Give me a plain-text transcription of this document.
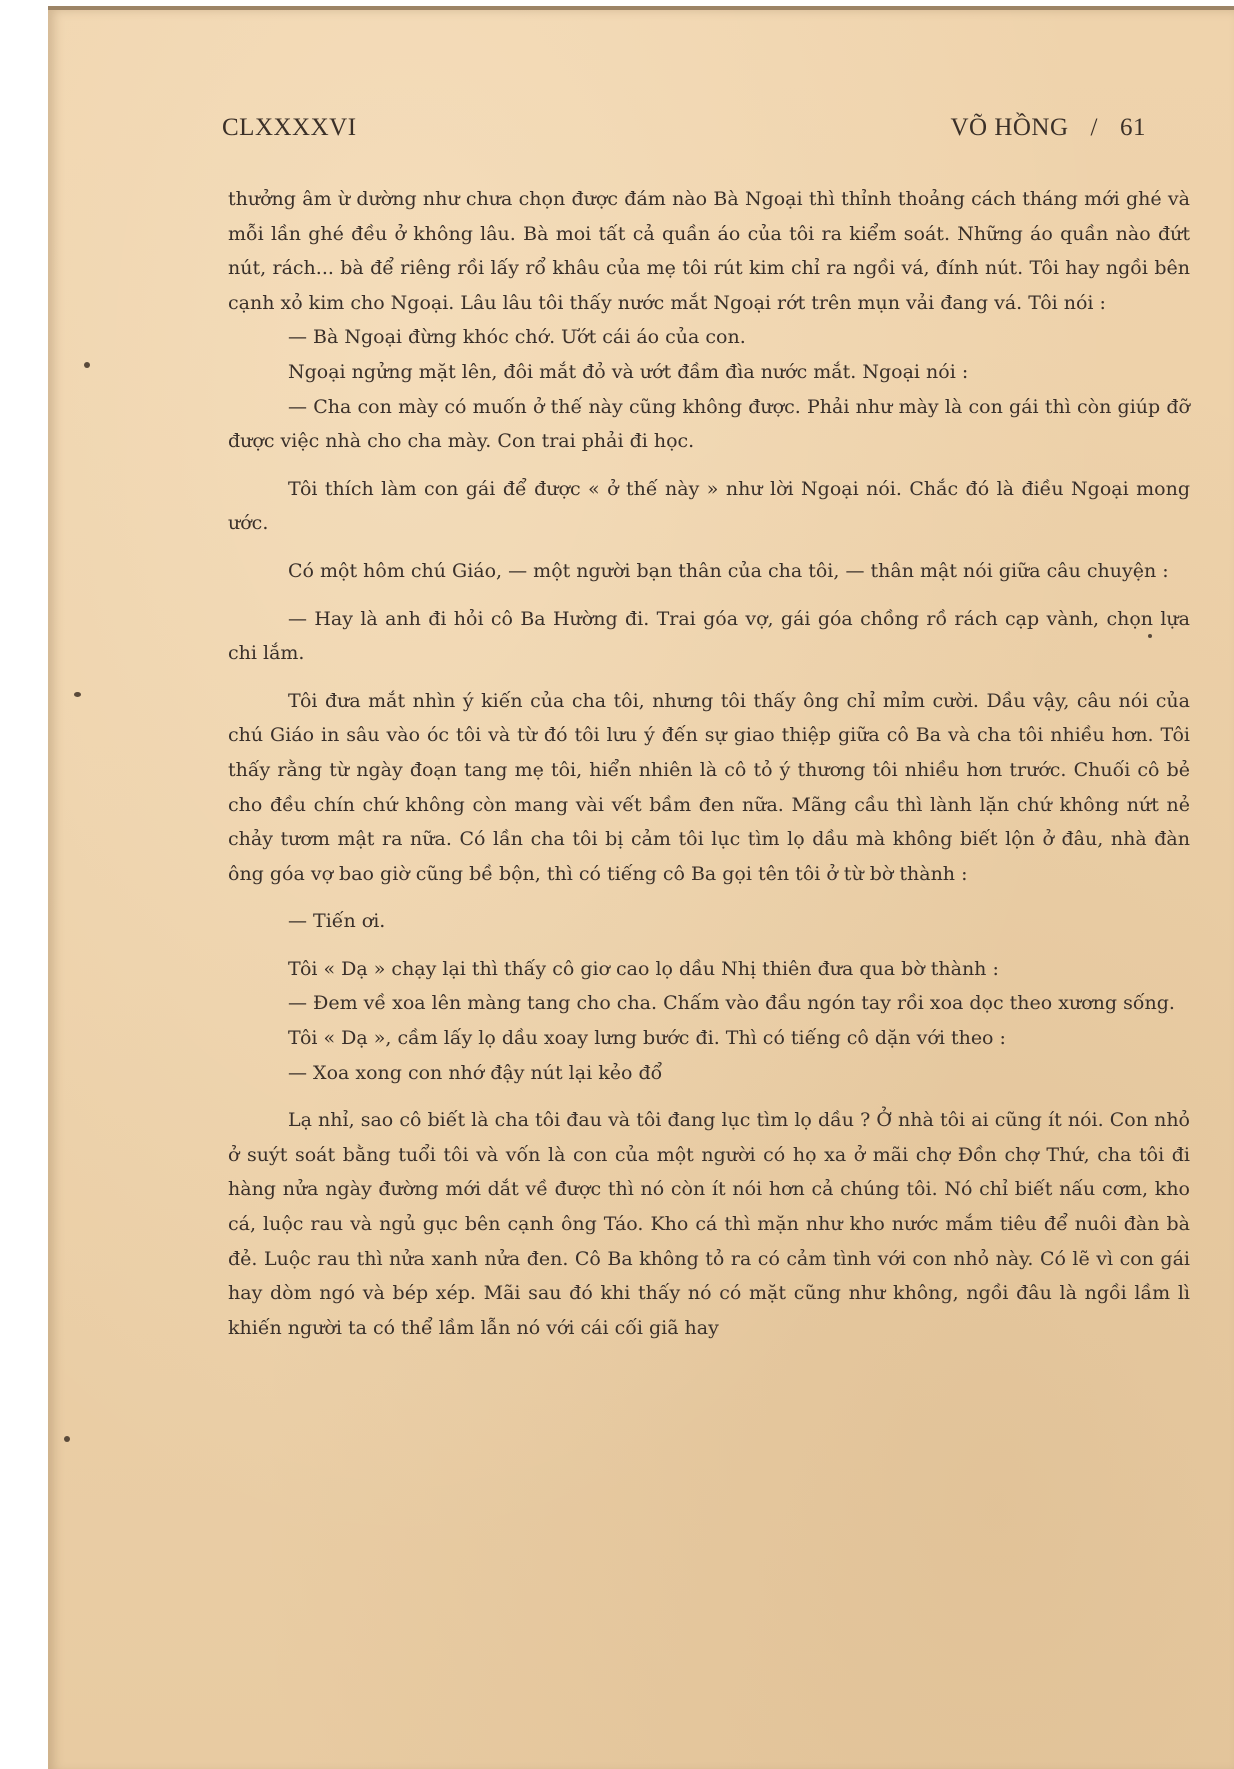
CLXXXXVI	VÕ HỒNG / 61

thưởng âm ừ dường như chưa chọn được đám nào Bà Ngoại thì thỉnh thoảng cách tháng mới ghé và mỗi lần ghé đều ở không lâu. Bà moi tất cả quần áo của tôi ra kiểm soát. Những áo quần nào đứt nút, rách... bà để riêng rồi lấy rổ khâu của mẹ tôi rút kim chỉ ra ngồi vá, đính nút. Tôi hay ngồi bên cạnh xỏ kim cho Ngoại. Lâu lâu tôi thấy nước mắt Ngoại rớt trên mụn vải đang vá. Tôi nói :

— Bà Ngoại đừng khóc chớ. Ướt cái áo của con.

Ngoại ngửng mặt lên, đôi mắt đỏ và ướt đầm đìa nước mắt. Ngoại nói :

— Cha con mày có muốn ở thế này cũng không được. Phải như mày là con gái thì còn giúp đỡ được việc nhà cho cha mày. Con trai phải đi học.

Tôi thích làm con gái để được « ở thế này » như lời Ngoại nói. Chắc đó là điều Ngoại mong ước.

Có một hôm chú Giáo, — một người bạn thân của cha tôi, — thân mật nói giữa câu chuyện :

— Hay là anh đi hỏi cô Ba Hường đi. Trai góa vợ, gái góa chồng rồ rách cạp vành, chọn lựa chi lắm.

Tôi đưa mắt nhìn ý kiến của cha tôi, nhưng tôi thấy ông chỉ mỉm cười. Dầu vậy, câu nói của chú Giáo in sâu vào óc tôi và từ đó tôi lưu ý đến sự giao thiệp giữa cô Ba và cha tôi nhiều hơn. Tôi thấy rằng từ ngày đoạn tang mẹ tôi, hiển nhiên là cô tỏ ý thương tôi nhiều hơn trước. Chuối cô bẻ cho đều chín chứ không còn mang vài vết bầm đen nữa. Mãng cầu thì lành lặn chứ không nứt nẻ chảy tươm mật ra nữa. Có lần cha tôi bị cảm tôi lục tìm lọ dầu mà không biết lộn ở đâu, nhà đàn ông góa vợ bao giờ cũng bề bộn, thì có tiếng cô Ba gọi tên tôi ở từ bờ thành :

— Tiến ơi.

Tôi « Dạ » chạy lại thì thấy cô giơ cao lọ dầu Nhị thiên đưa qua bờ thành :

— Đem về xoa lên màng tang cho cha. Chấm vào đầu ngón tay rồi xoa dọc theo xương sống.

Tôi « Dạ », cầm lấy lọ dầu xoay lưng bước đi. Thì có tiếng cô dặn với theo :

— Xoa xong con nhớ đậy nút lại kẻo đổ

Lạ nhỉ, sao cô biết là cha tôi đau và tôi đang lục tìm lọ dầu ? Ở nhà tôi ai cũng ít nói. Con nhỏ ở suýt soát bằng tuổi tôi và vốn là con của một người có họ xa ở mãi chợ Đồn chợ Thứ, cha tôi đi hàng nửa ngày đường mới dắt về được thì nó còn ít nói hơn cả chúng tôi. Nó chỉ biết nấu cơm, kho cá, luộc rau và ngủ gục bên cạnh ông Táo. Kho cá thì mặn như kho nước mắm tiêu để nuôi đàn bà đẻ. Luộc rau thì nửa xanh nửa đen. Cô Ba không tỏ ra có cảm tình với con nhỏ này. Có lẽ vì con gái hay dòm ngó và bép xép. Mãi sau đó khi thấy nó có mặt cũng như không, ngồi đâu là ngồi lầm lì khiến người ta có thể lầm lẫn nó với cái cối giã hay
